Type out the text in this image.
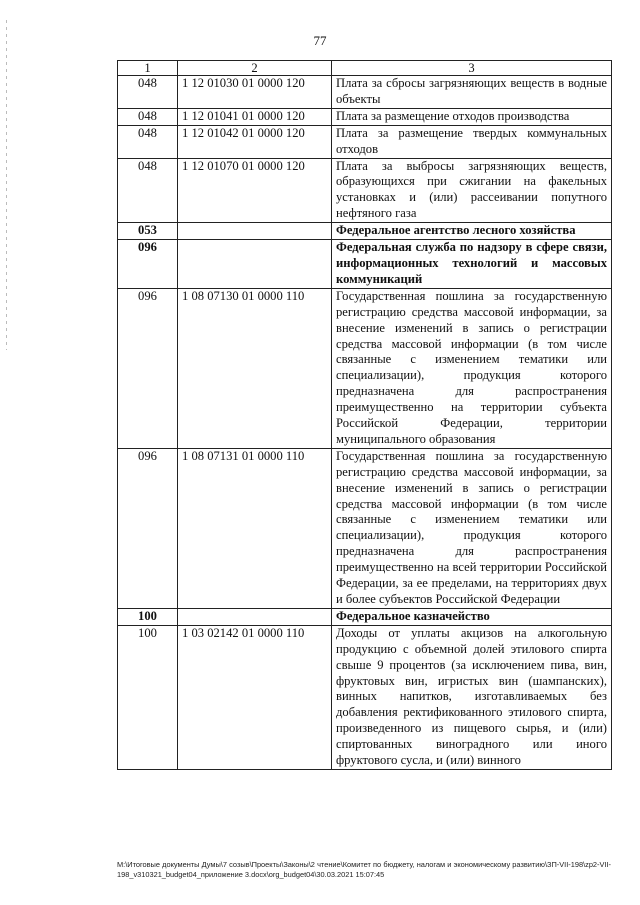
77
1	2	3
048	1 12 01030 01 0000 120	Плата за сбросы загрязняющих веществ в водные объекты
048	1 12 01041 01 0000 120	Плата за размещение отходов производства
048	1 12 01042 01 0000 120	Плата за размещение твердых коммунальных отходов
048	1 12 01070 01 0000 120	Плата за выбросы загрязняющих веществ, образующихся при сжигании на факельных установках и (или) рассеивании попутного нефтяного газа
053		Федеральное агентство лесного хозяйства
096		Федеральная служба по надзору в сфере связи, информационных технологий и массовых коммуникаций
096	1 08 07130 01 0000 110	Государственная пошлина за государственную регистрацию средства массовой информации, за внесение изменений в запись о регистрации средства массовой информации (в том числе связанные с изменением тематики или специализации), продукция которого предназначена для распространения преимущественно на территории субъекта Российской Федерации, территории муниципального образования
096	1 08 07131 01 0000 110	Государственная пошлина за государственную регистрацию средства массовой информации, за внесение изменений в запись о регистрации средства массовой информации (в том числе связанные с изменением тематики или специализации), продукция которого предназначена для распространения преимущественно на всей территории Российской Федерации, за ее пределами, на территориях двух и более субъектов Российской Федерации
100		Федеральное казначейство
100	1 03 02142 01 0000 110	Доходы от уплаты акцизов на алкогольную продукцию с объемной долей этилового спирта свыше 9 процентов (за исключением пива, вин, фруктовых вин, игристых вин (шампанских), винных напитков, изготавливаемых без добавления ректификованного этилового спирта, произведенного из пищевого сырья, и (или) спиртованных виноградного или иного фруктового сусла, и (или) винного
M:\Итоговые документы Думы\7 созыв\Проекты\Законы\2 чтение\Комитет по бюджету, налогам и экономическому развитию\ЗП-VII-198\zp2-VII-198_v310321_budget04_приложение 3.docx\org_budget04\30.03.2021 15:07:45
